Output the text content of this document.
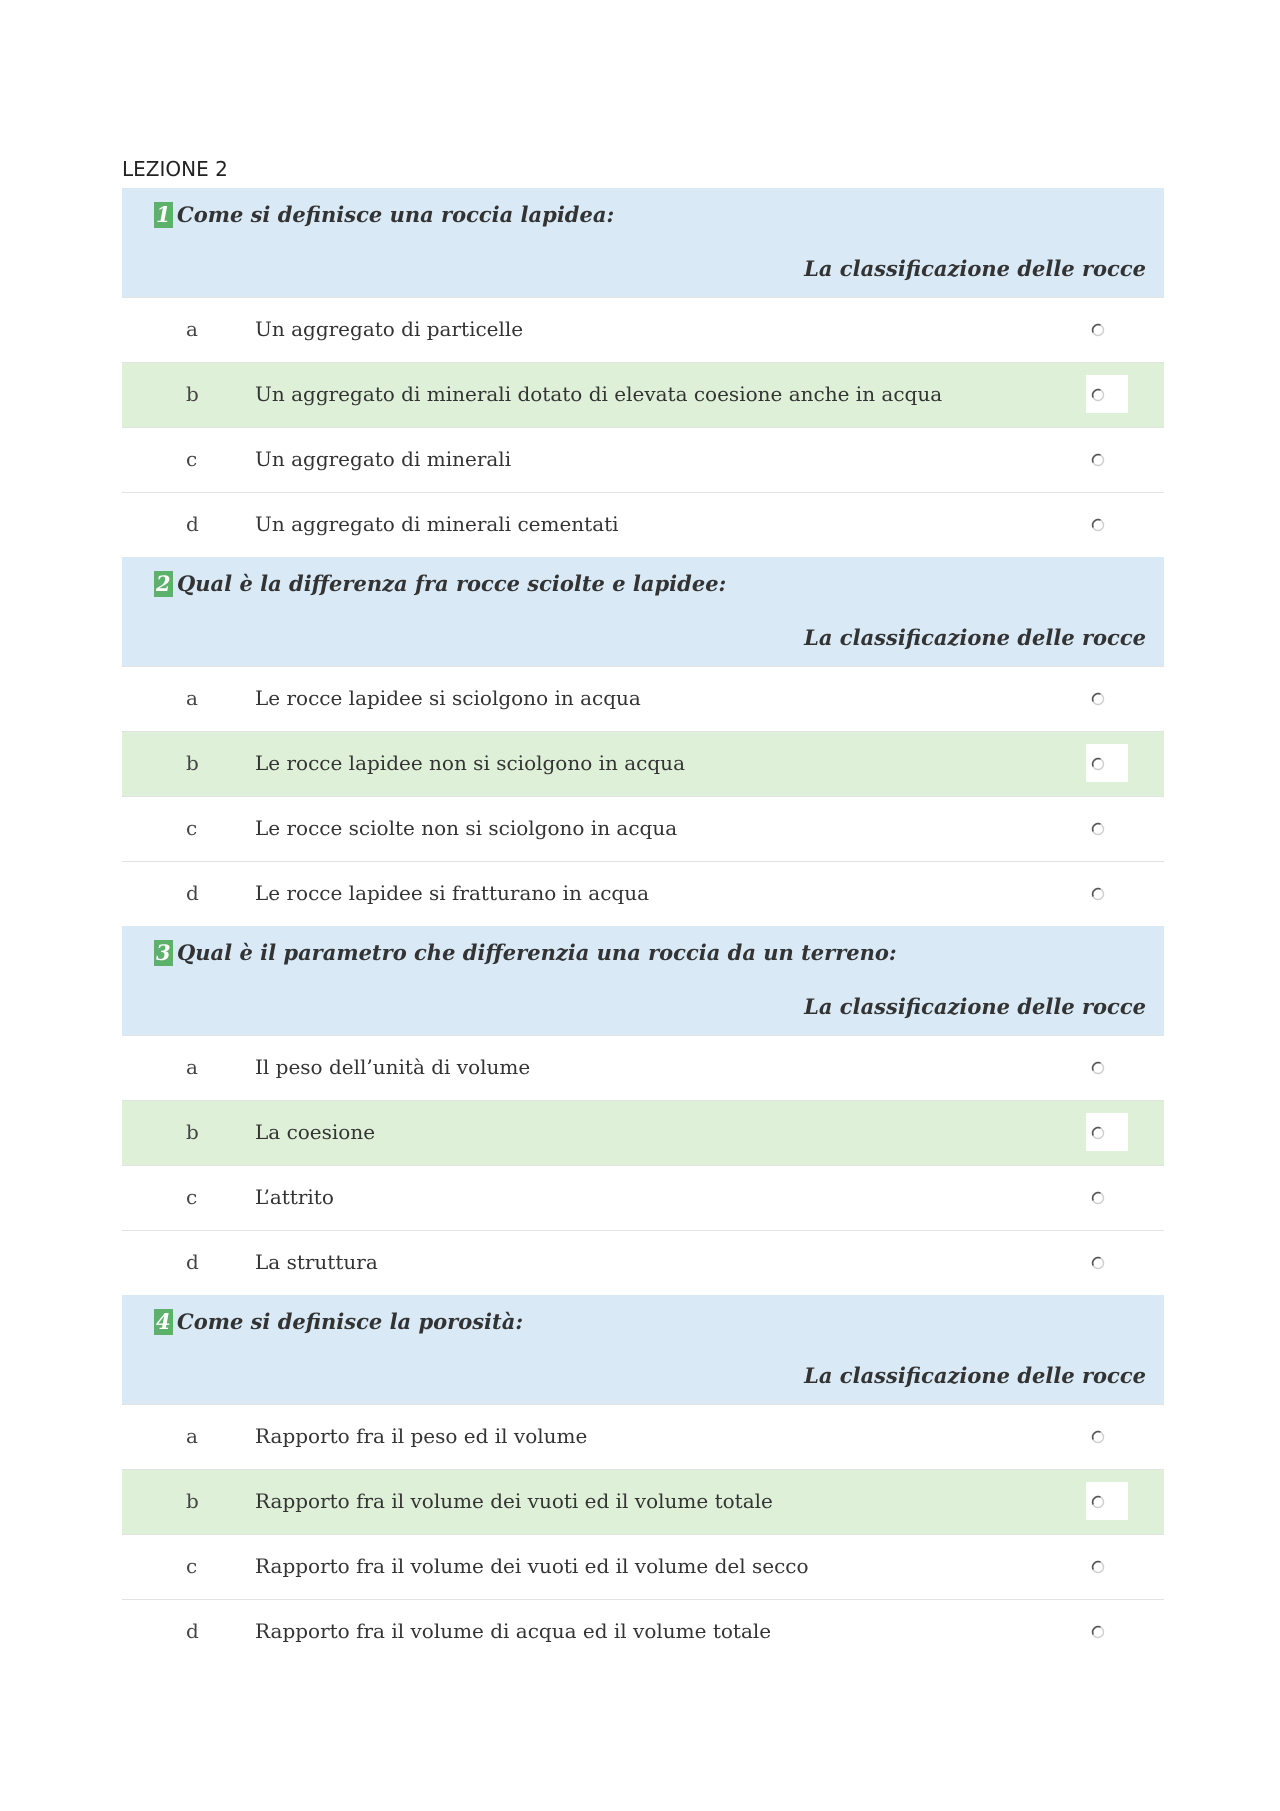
LEZIONE 2
1 Come si definisce una roccia lapidea:
La classificazione delle rocce
a	Un aggregato di particelle
b	Un aggregato di minerali dotato di elevata coesione anche in acqua
c	Un aggregato di minerali
d	Un aggregato di minerali cementati
2 Qual è la differenza fra rocce sciolte e lapidee:
La classificazione delle rocce
a	Le rocce lapidee si sciolgono in acqua
b	Le rocce lapidee non si sciolgono in acqua
c	Le rocce sciolte non si sciolgono in acqua
d	Le rocce lapidee si fratturano in acqua
3 Qual è il parametro che differenzia una roccia da un terreno:
La classificazione delle rocce
a	Il peso dell’unità di volume
b	La coesione
c	L’attrito
d	La struttura
4 Come si definisce la porosità:
La classificazione delle rocce
a	Rapporto fra il peso ed il volume
b	Rapporto fra il volume dei vuoti ed il volume totale
c	Rapporto fra il volume dei vuoti ed il volume del secco
d	Rapporto fra il volume di acqua ed il volume totale
